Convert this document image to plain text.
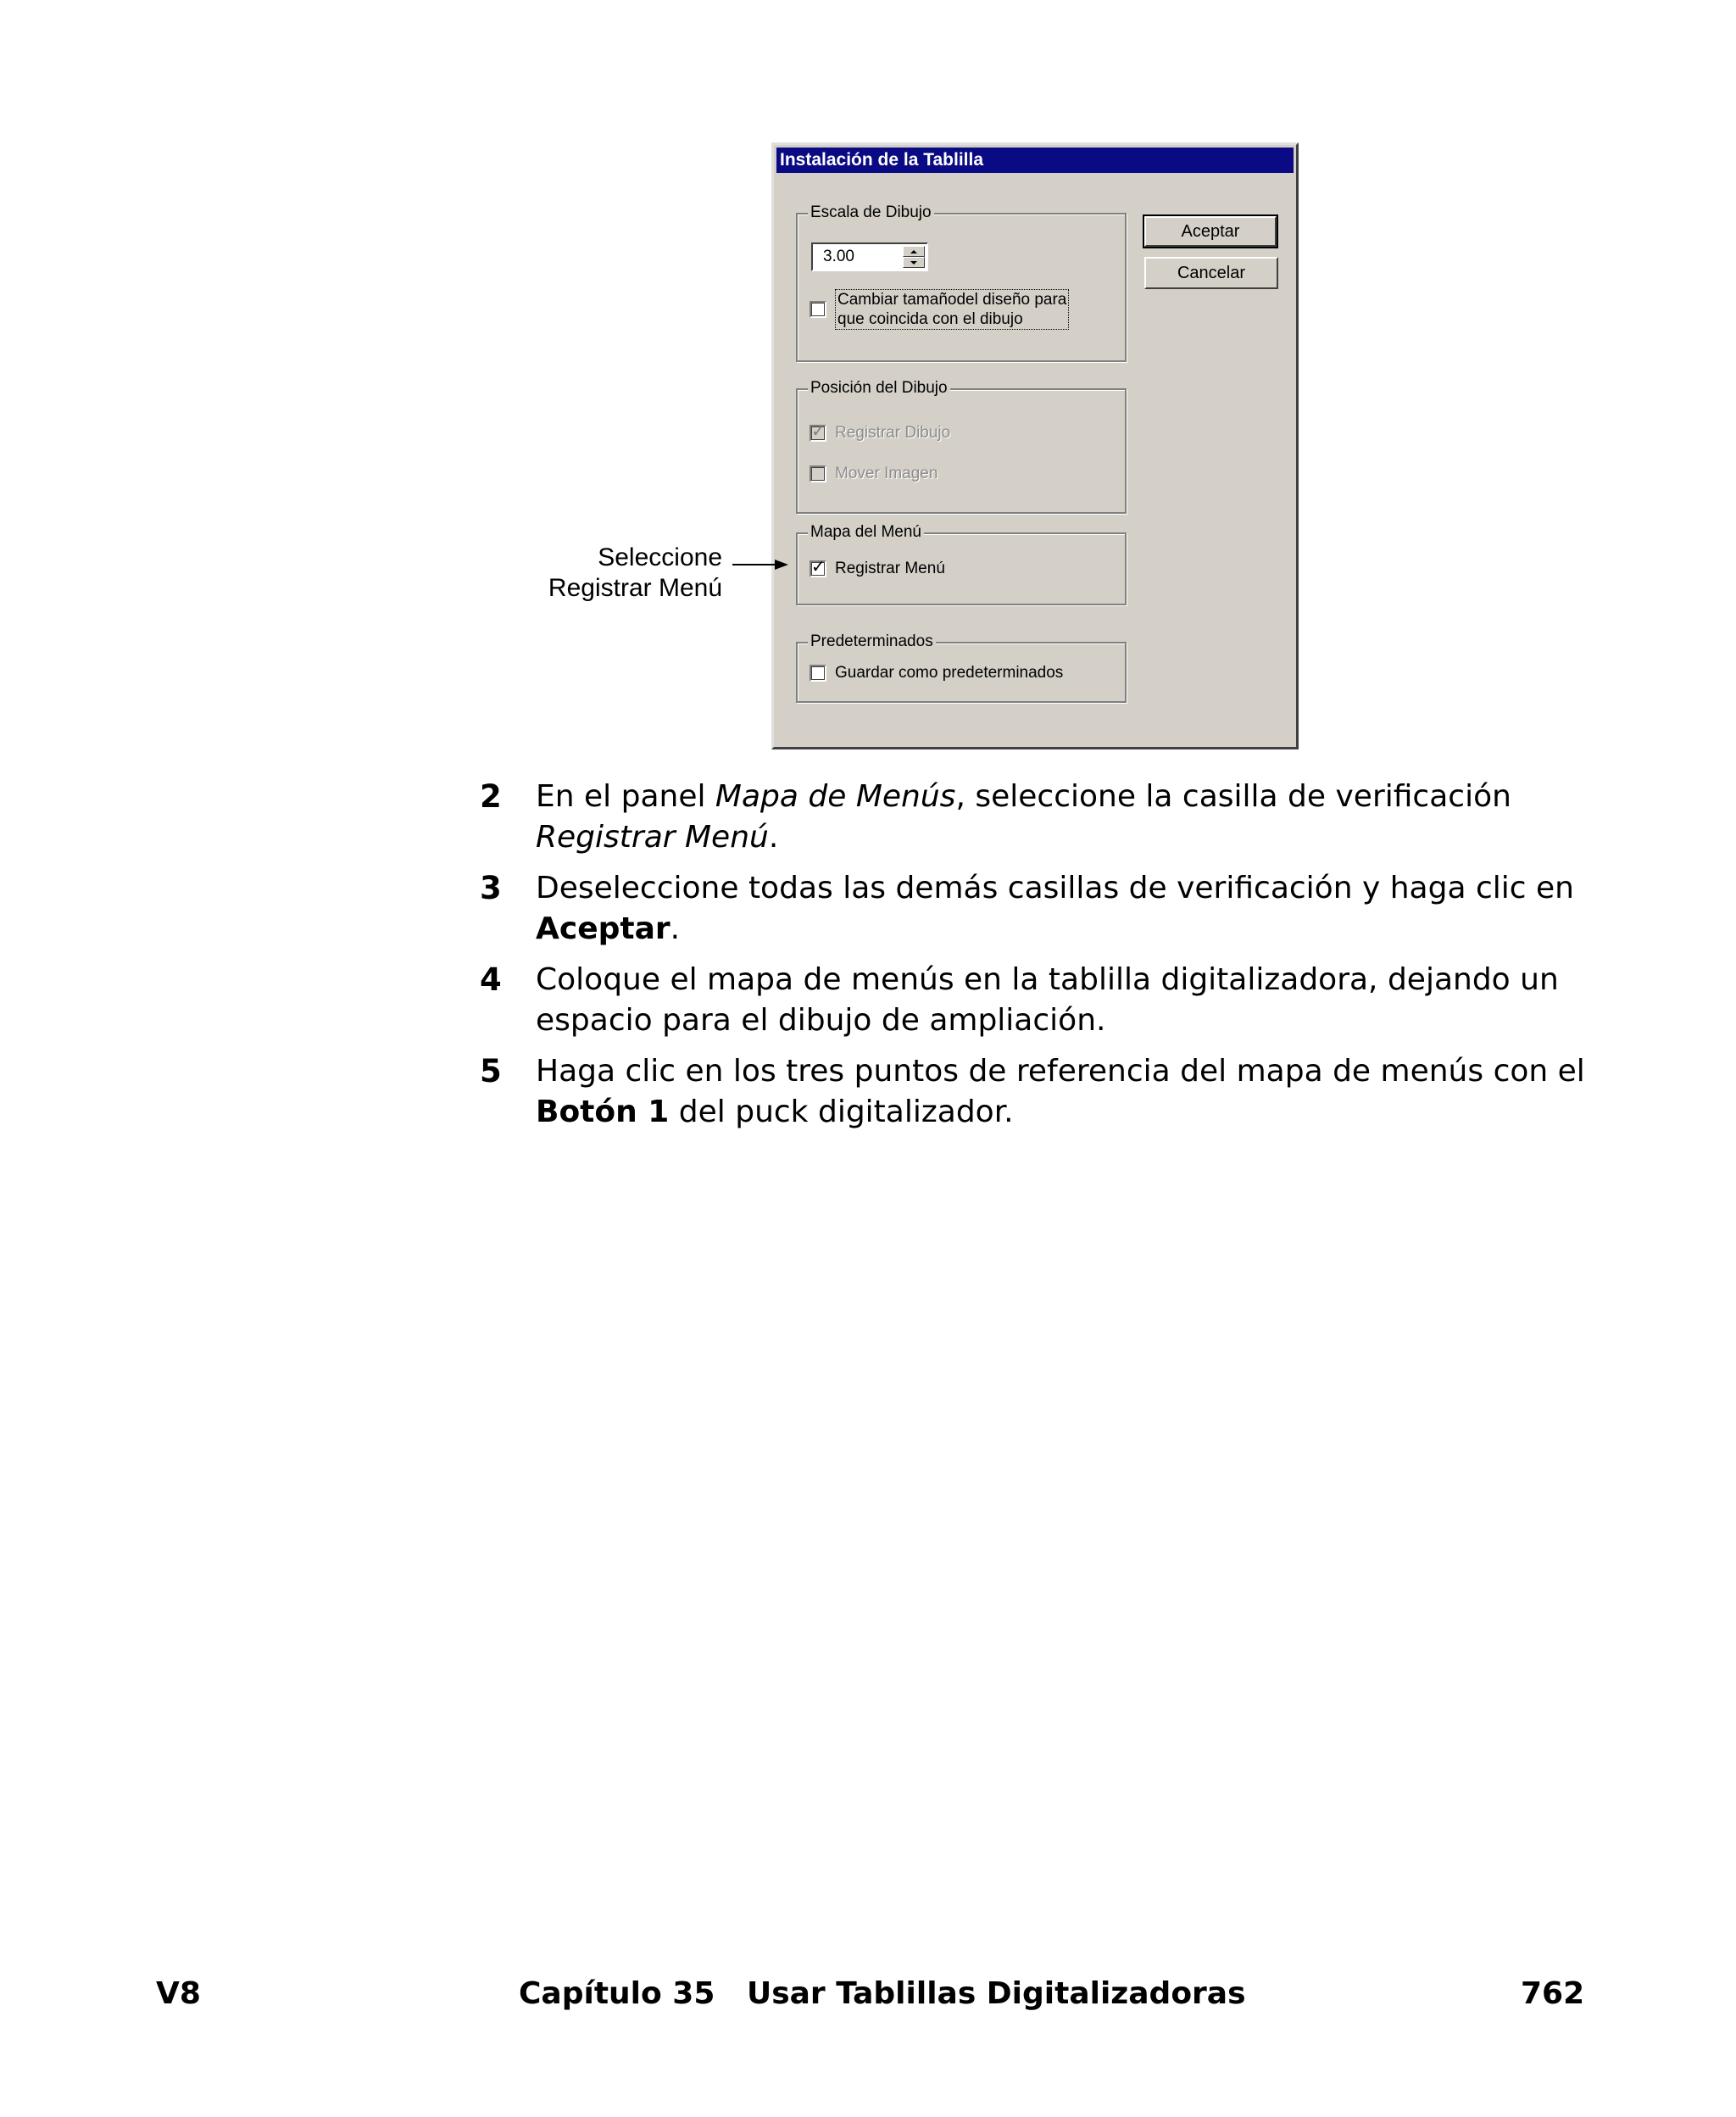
Instalación de la Tablilla
Escala de Dibujo
3.00
Cambiar tamañodel diseño para
que coincida con el dibujo
Posición del Dibujo
✓ Registrar Dibujo
Mover Imagen
Mapa del Menú
✓ Registrar Menú
Predeterminados
Guardar como predeterminados
Aceptar
Cancelar
Seleccione
Registrar Menú
2 En el panel Mapa de Menús, seleccione la casilla de verificación Registrar Menú.
3 Deseleccione todas las demás casillas de verificación y haga clic en Aceptar.
4 Coloque el mapa de menús en la tablilla digitalizadora, dejando un espacio para el dibujo de ampliación.
5 Haga clic en los tres puntos de referencia del mapa de menús con el Botón 1 del puck digitalizador.
V8	Capítulo 35   Usar Tablillas Digitalizadoras	762
